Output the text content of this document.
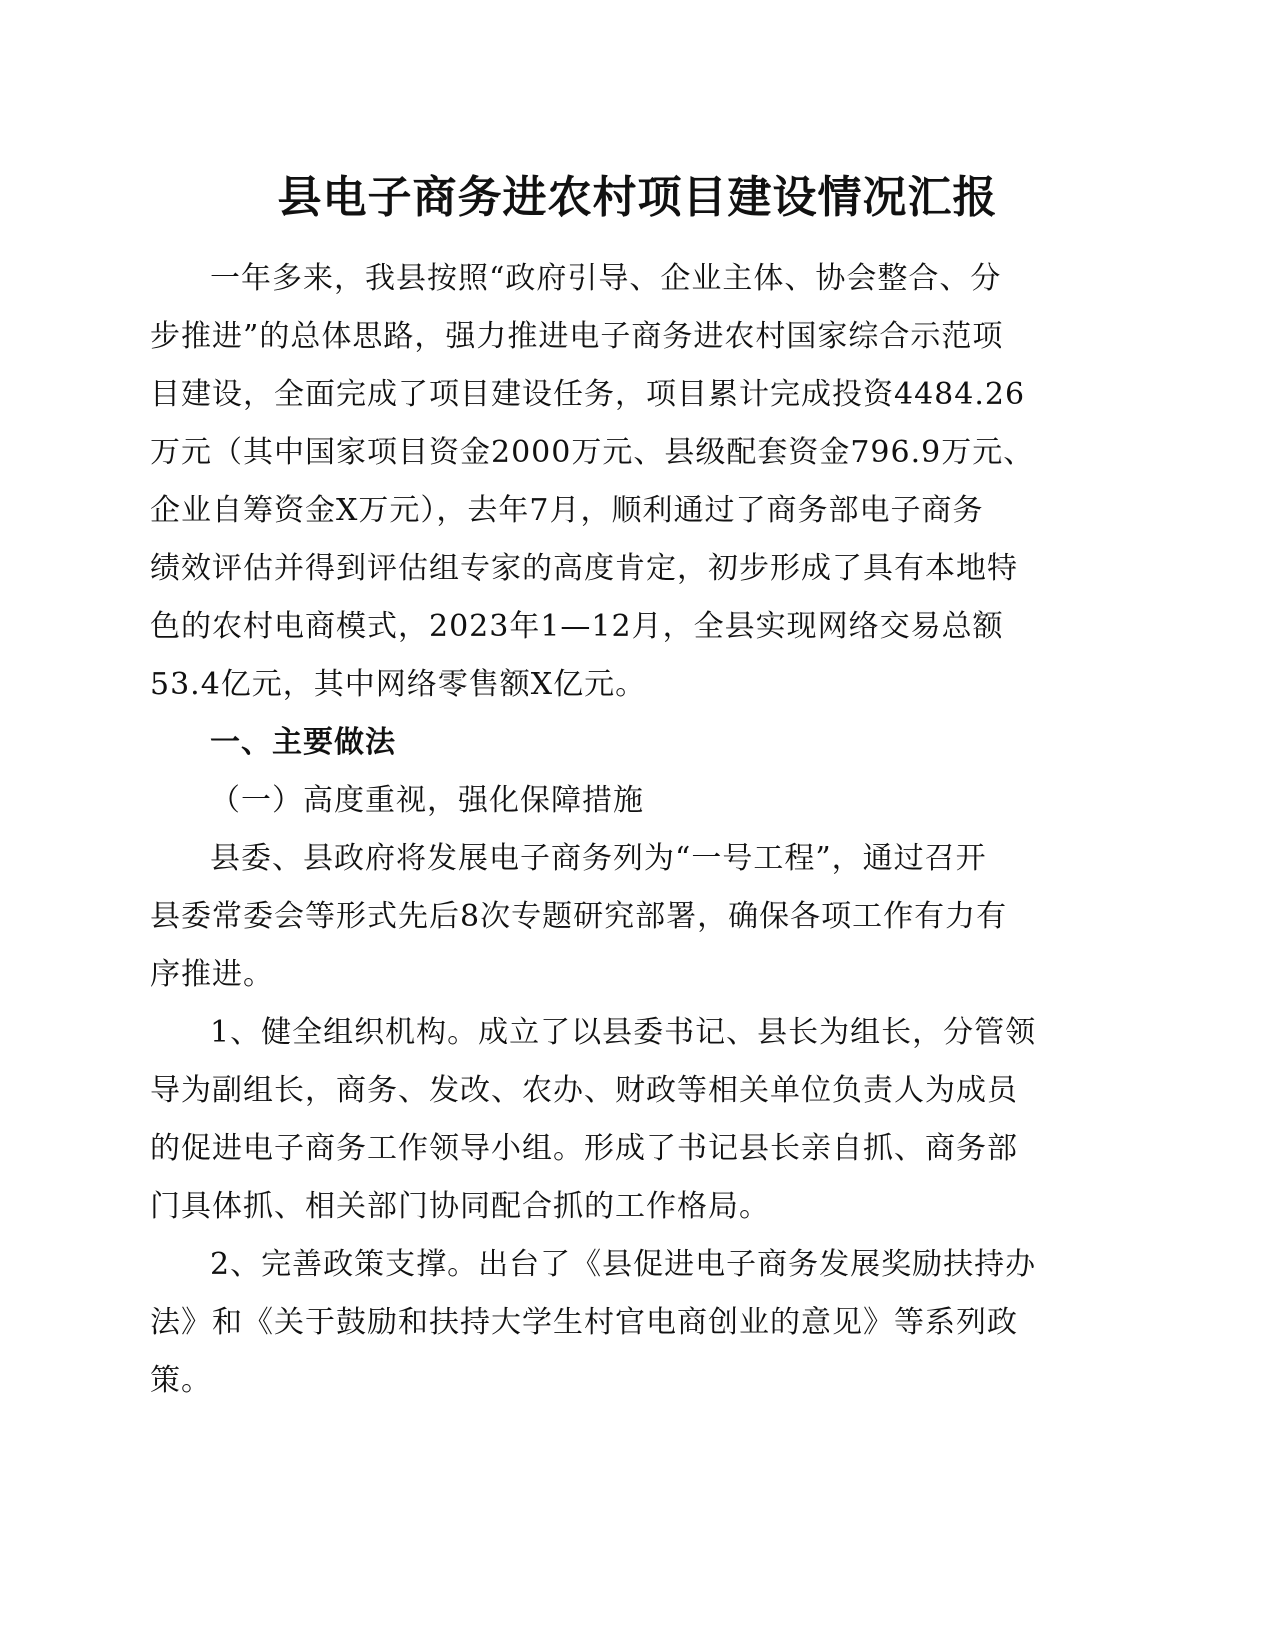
县电子商务进农村项目建设情况汇报

一年多来，我县按照“政府引导、企业主体、协会整合、分
步推进”的总体思路，强力推进电子商务进农村国家综合示范项
目建设，全面完成了项目建设任务，项目累计完成投资4484.26
万元（其中国家项目资金2000万元、县级配套资金796.9万元、
企业自筹资金X万元），去年7月，顺利通过了商务部电子商务
绩效评估并得到评估组专家的高度肯定，初步形成了具有本地特
色的农村电商模式，2023年1—12月，全县实现网络交易总额
53.4亿元，其中网络零售额X亿元。

一、主要做法

（一）高度重视，强化保障措施

县委、县政府将发展电子商务列为“一号工程”，通过召开
县委常委会等形式先后8次专题研究部署，确保各项工作有力有
序推进。

1、健全组织机构。成立了以县委书记、县长为组长，分管领
导为副组长，商务、发改、农办、财政等相关单位负责人为成员
的促进电子商务工作领导小组。形成了书记县长亲自抓、商务部
门具体抓、相关部门协同配合抓的工作格局。

2、完善政策支撑。出台了《县促进电子商务发展奖励扶持办
法》和《关于鼓励和扶持大学生村官电商创业的意见》等系列政
策。
